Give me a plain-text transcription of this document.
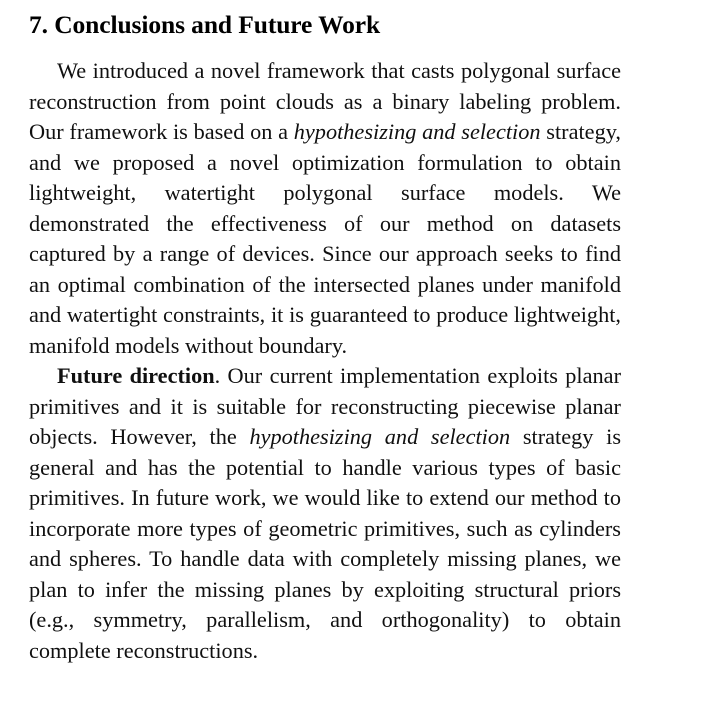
7. Conclusions and Future Work

We introduced a novel framework that casts polygonal surface reconstruction from point clouds as a binary labeling problem. Our framework is based on a hypothesizing and selection strategy, and we proposed a novel optimization formulation to obtain lightweight, watertight polygonal surface models. We demonstrated the effectiveness of our method on datasets captured by a range of devices. Since our approach seeks to find an optimal combination of the intersected planes under manifold and watertight constraints, it is guaranteed to produce lightweight, manifold models without boundary.

Future direction. Our current implementation exploits planar primitives and it is suitable for reconstructing piecewise planar objects. However, the hypothesizing and selection strategy is general and has the potential to handle various types of basic primitives. In future work, we would like to extend our method to incorporate more types of geometric primitives, such as cylinders and spheres. To handle data with completely missing planes, we plan to infer the missing planes by exploiting structural priors (e.g., symmetry, parallelism, and orthogonality) to obtain complete reconstructions.
